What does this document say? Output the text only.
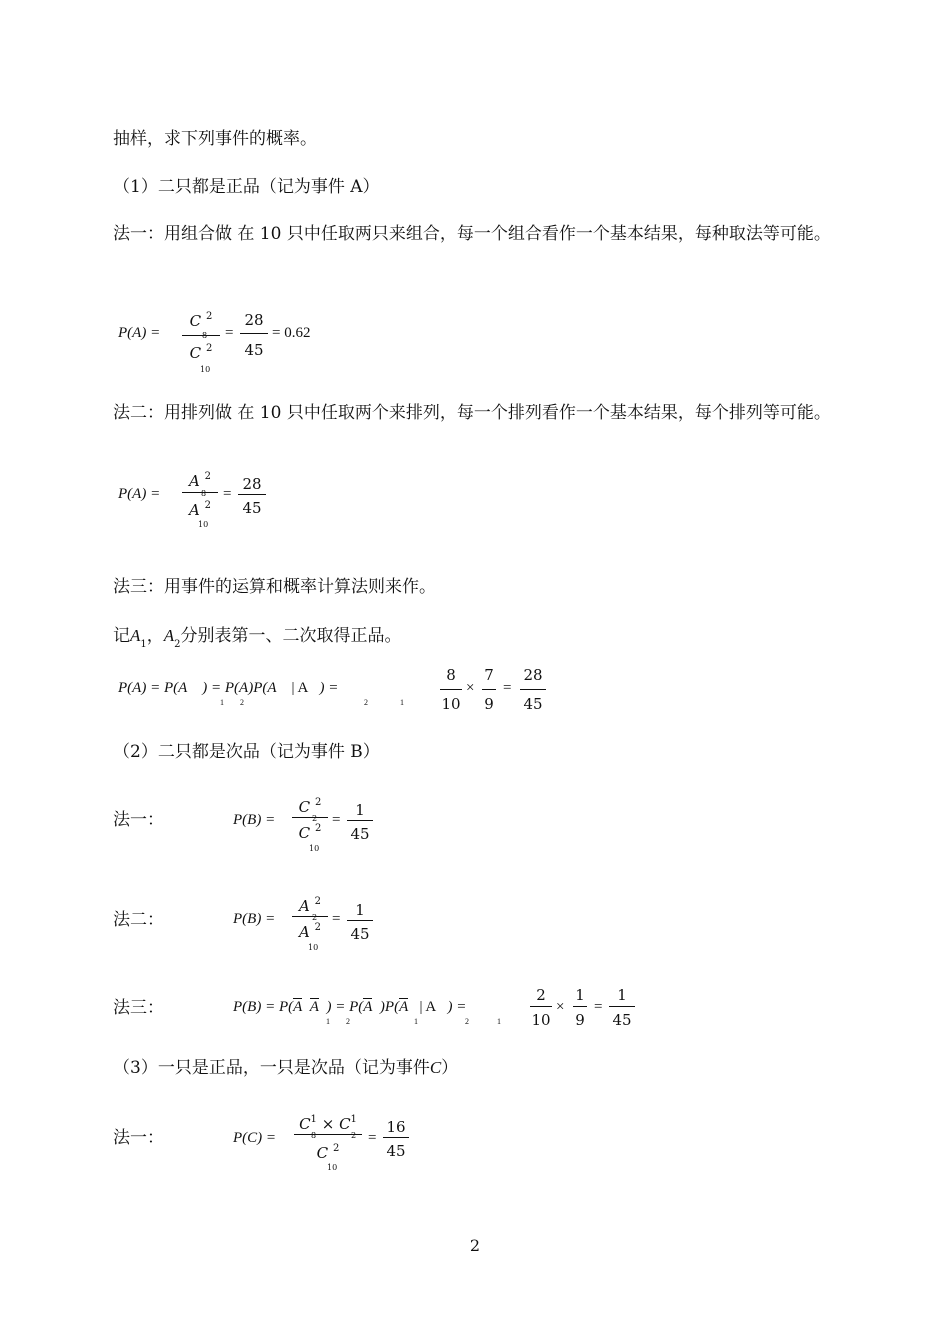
抽样，求下列事件的概率。
（1）二只都是正品（记为事件 A）
法一：用组合做 在 10 只中任取两只来组合，每一个组合看作一个基本结果，每种取法等可能。
P(A) =
C $^2$
8
C $^2$
10
=
28
45
= 0.62
法二：用排列做 在 10 只中任取两个来排列，每一个排列看作一个基本结果，每个排列等可能。
P(A) =
A $^2$
8
A $^2$
10
=
28
45
法三：用事件的运算和概率计算法则来作。
记$A_1$，$A_2$分别表第一、二次取得正品。
P(A) = P(A ) = P(A)P(A | A ) =
1 2	2	1
8
10
×
7
9
=
28
45
（2）二只都是次品（记为事件 B）
法一：	P(B) =
C $^2$
2
C $^2$
10
=
1
45
法二：	P(B) =
A $^2$
2
A $^2$
10
= 1
45
法三：	P(B) = P(A A ) = P(A )P(A | A ) =
1 2	1	2	1
2
10
×
1
9
=
1
45
（3）一只是正品，一只是次品（记为事件C）
法一：	P(C) =
$C^1 \times C^1$
8	2
C $^2$
10
=
16
45
2
